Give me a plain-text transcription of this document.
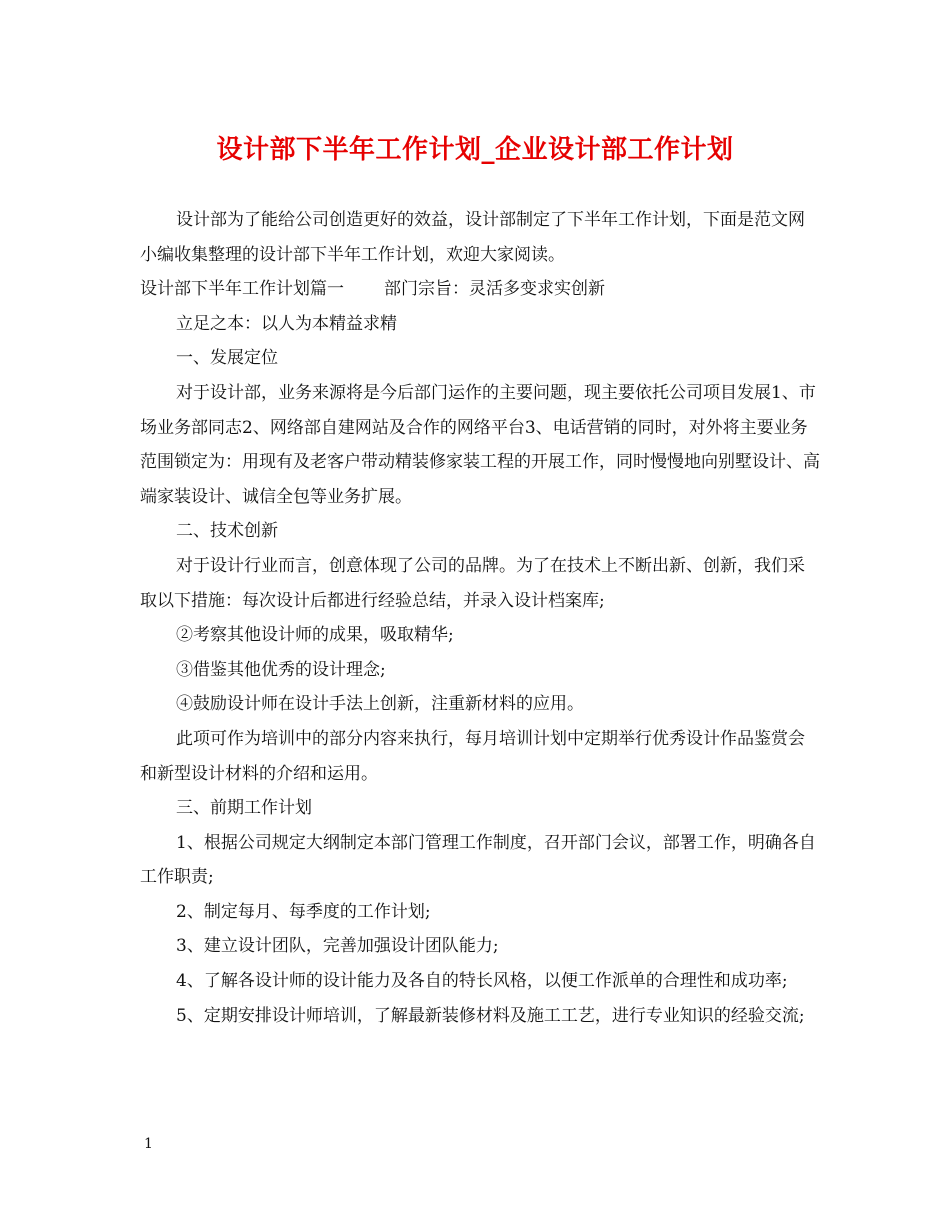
设计部下半年工作计划_企业设计部工作计划

设计部为了能给公司创造更好的效益，设计部制定了下半年工作计划，下面是范文网小编收集整理的设计部下半年工作计划，欢迎大家阅读。

设计部下半年工作计划篇一 部门宗旨：灵活多变求实创新

立足之本：以人为本精益求精

一、发展定位

对于设计部，业务来源将是今后部门运作的主要问题，现主要依托公司项目发展1、市场业务部同志2、网络部自建网站及合作的网络平台3、电话营销的同时，对外将主要业务范围锁定为：用现有及老客户带动精装修家装工程的开展工作，同时慢慢地向别墅设计、高端家装设计、诚信全包等业务扩展。

二、技术创新

对于设计行业而言，创意体现了公司的品牌。为了在技术上不断出新、创新，我们采取以下措施：每次设计后都进行经验总结，并录入设计档案库;

②考察其他设计师的成果，吸取精华;

③借鉴其他优秀的设计理念;

④鼓励设计师在设计手法上创新，注重新材料的应用。

此项可作为培训中的部分内容来执行，每月培训计划中定期举行优秀设计作品鉴赏会和新型设计材料的介绍和运用。

三、前期工作计划

1、根据公司规定大纲制定本部门管理工作制度，召开部门会议，部署工作，明确各自工作职责;

2、制定每月、每季度的工作计划;

3、建立设计团队，完善加强设计团队能力;

4、了解各设计师的设计能力及各自的特长风格，以便工作派单的合理性和成功率;

5、定期安排设计师培训，了解最新装修材料及施工工艺，进行专业知识的经验交流;

1
